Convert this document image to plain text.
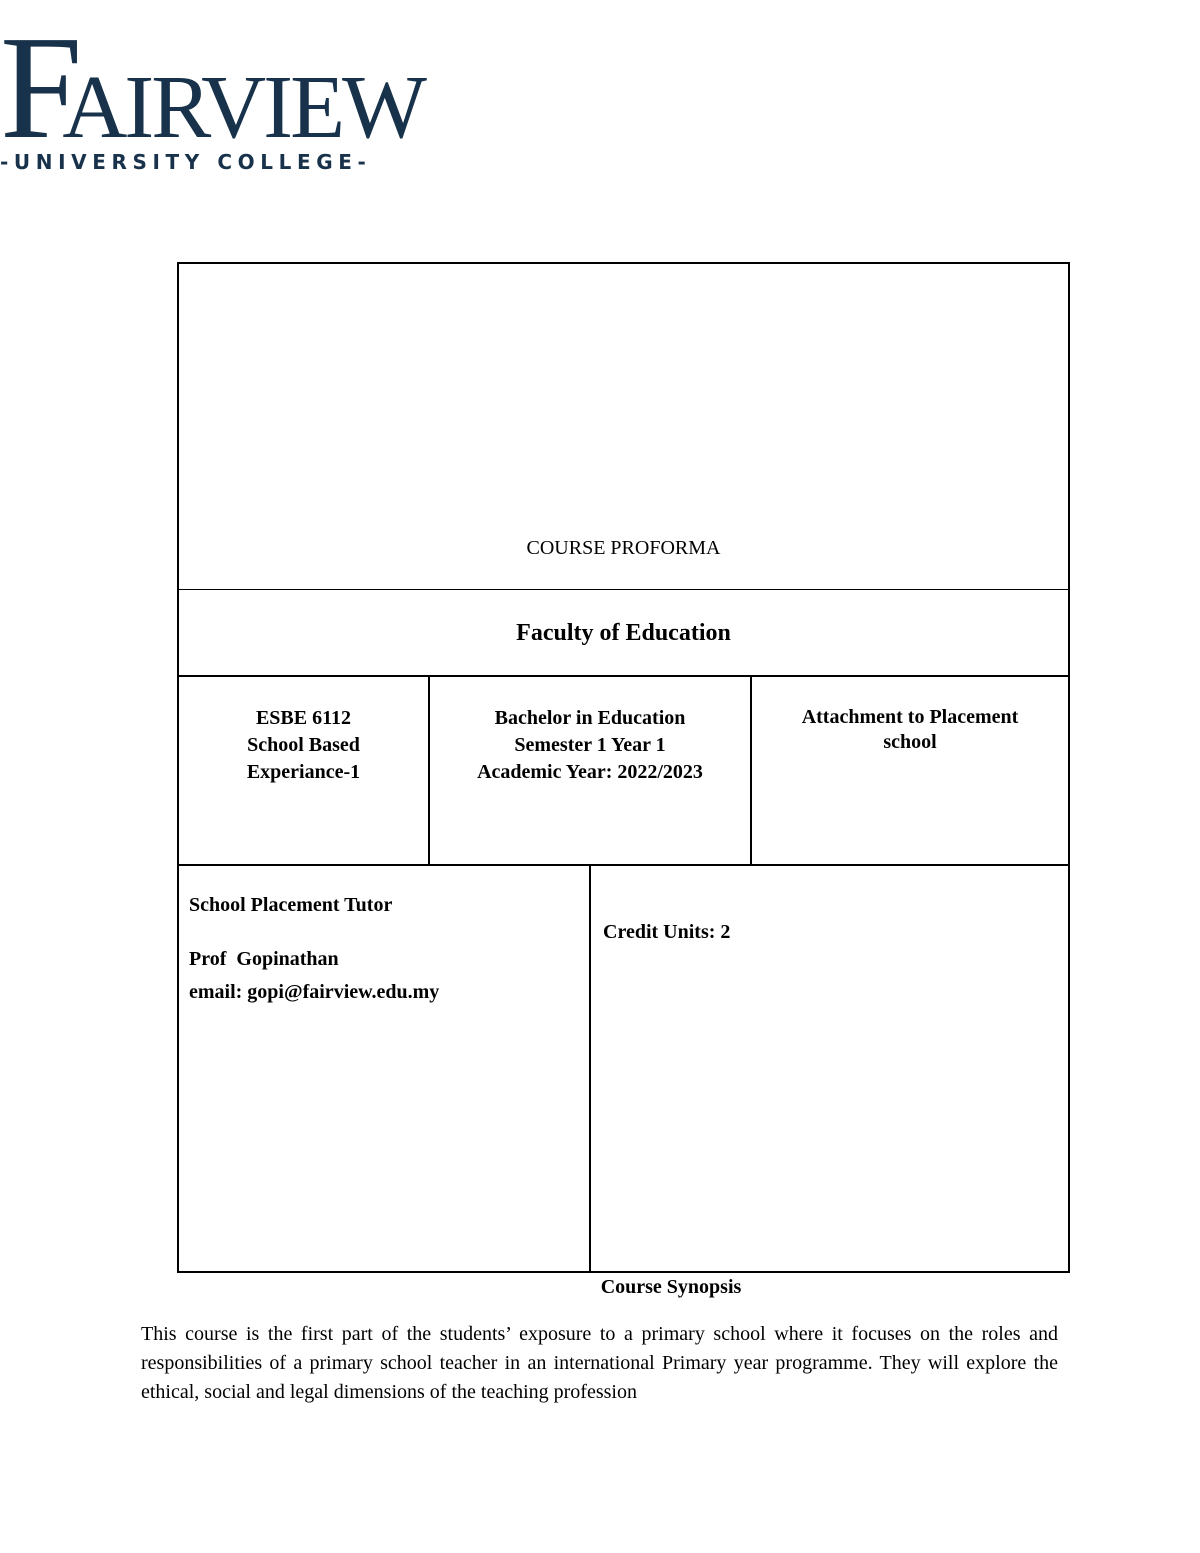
FAIRVIEW
-UNIVERSITY COLLEGE-
COURSE PROFORMA
Faculty of Education
ESBE 6112
School Based
Experiance-1
Bachelor in Education
Semester 1 Year 1
Academic Year: 2022/2023
Attachment to Placement
school
School Placement Tutor
Prof  Gopinathan
email: gopi@fairview.edu.my
Credit Units: 2
Course Synopsis
This course is the first part of the students’ exposure to a primary school where it focuses on the roles and responsibilities of a primary school teacher in an international Primary year programme. They will explore the ethical, social and legal dimensions of the teaching profession
